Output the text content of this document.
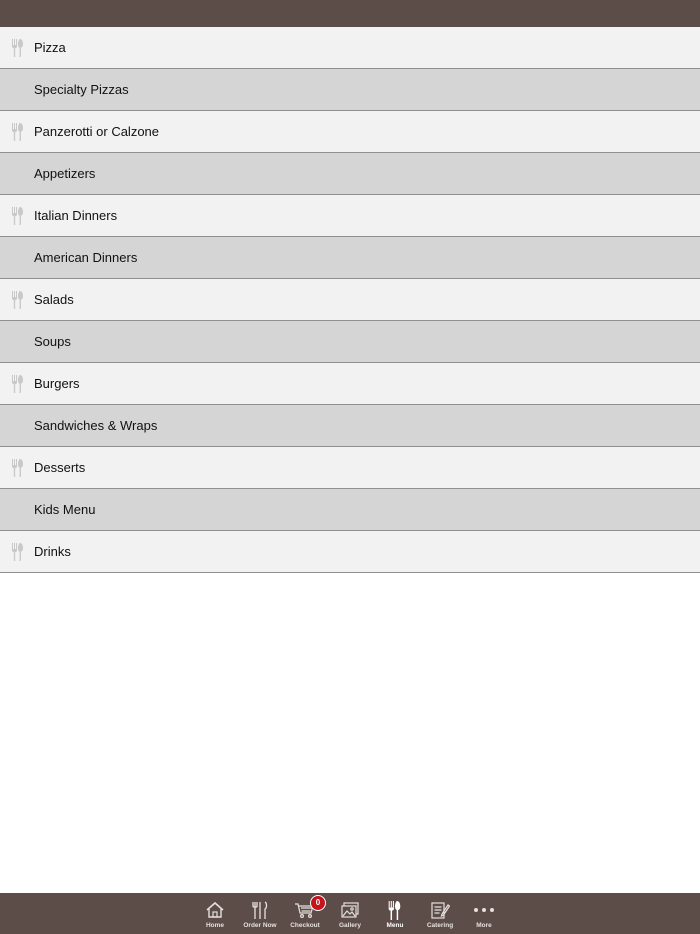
Pizza
Specialty Pizzas
Panzerotti or Calzone
Appetizers
Italian Dinners
American Dinners
Salads
Soups
Burgers
Sandwiches & Wraps
Desserts
Kids Menu
Drinks
Home	Order Now
0
Checkout	Gallery	Menu	Catering	More
